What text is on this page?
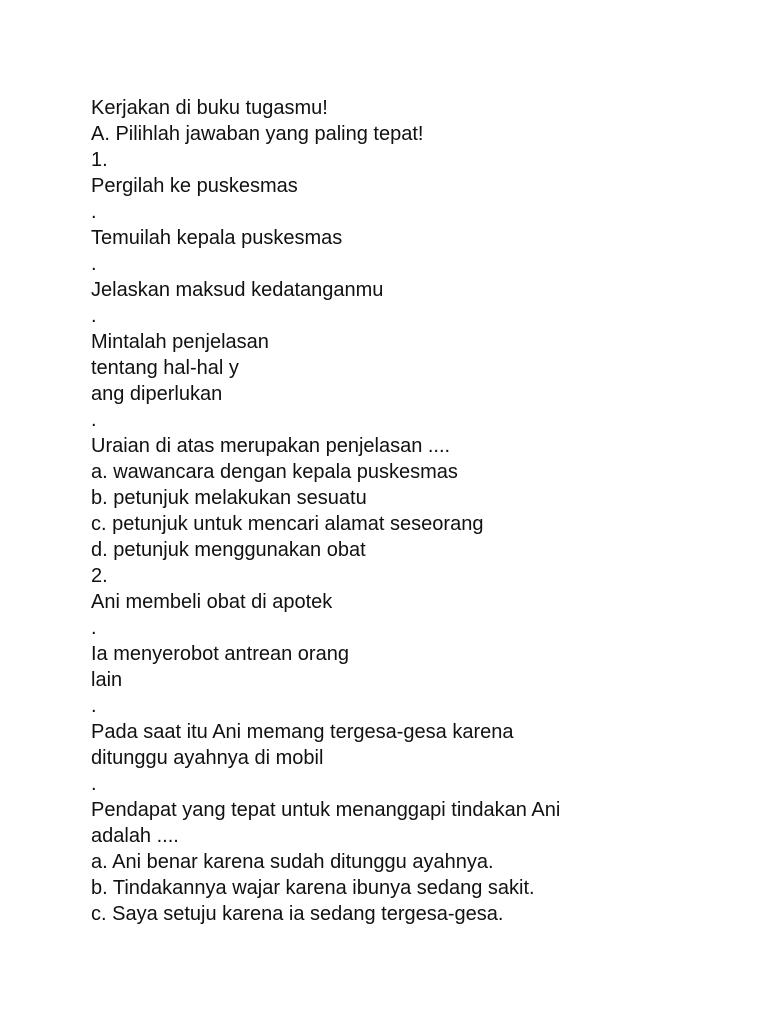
Kerjakan di buku tugasmu!
A. Pilihlah jawaban yang paling tepat!
1.
Pergilah ke puskesmas
.
Temuilah kepala puskesmas
.
Jelaskan maksud kedatanganmu
.
Mintalah penjelasan
tentang hal-hal y
ang diperlukan
.
Uraian di atas merupakan penjelasan ....
a. wawancara dengan kepala puskesmas
b. petunjuk melakukan sesuatu
c. petunjuk untuk mencari alamat seseorang
d. petunjuk menggunakan obat
2.
Ani membeli obat di apotek
.
Ia menyerobot antrean orang
lain
.
Pada saat itu Ani memang tergesa-gesa karena
ditunggu ayahnya di mobil
.
Pendapat yang tepat untuk menanggapi tindakan Ani
adalah ....
a. Ani benar karena sudah ditunggu ayahnya.
b. Tindakannya wajar karena ibunya sedang sakit.
c. Saya setuju karena ia sedang tergesa-gesa.
